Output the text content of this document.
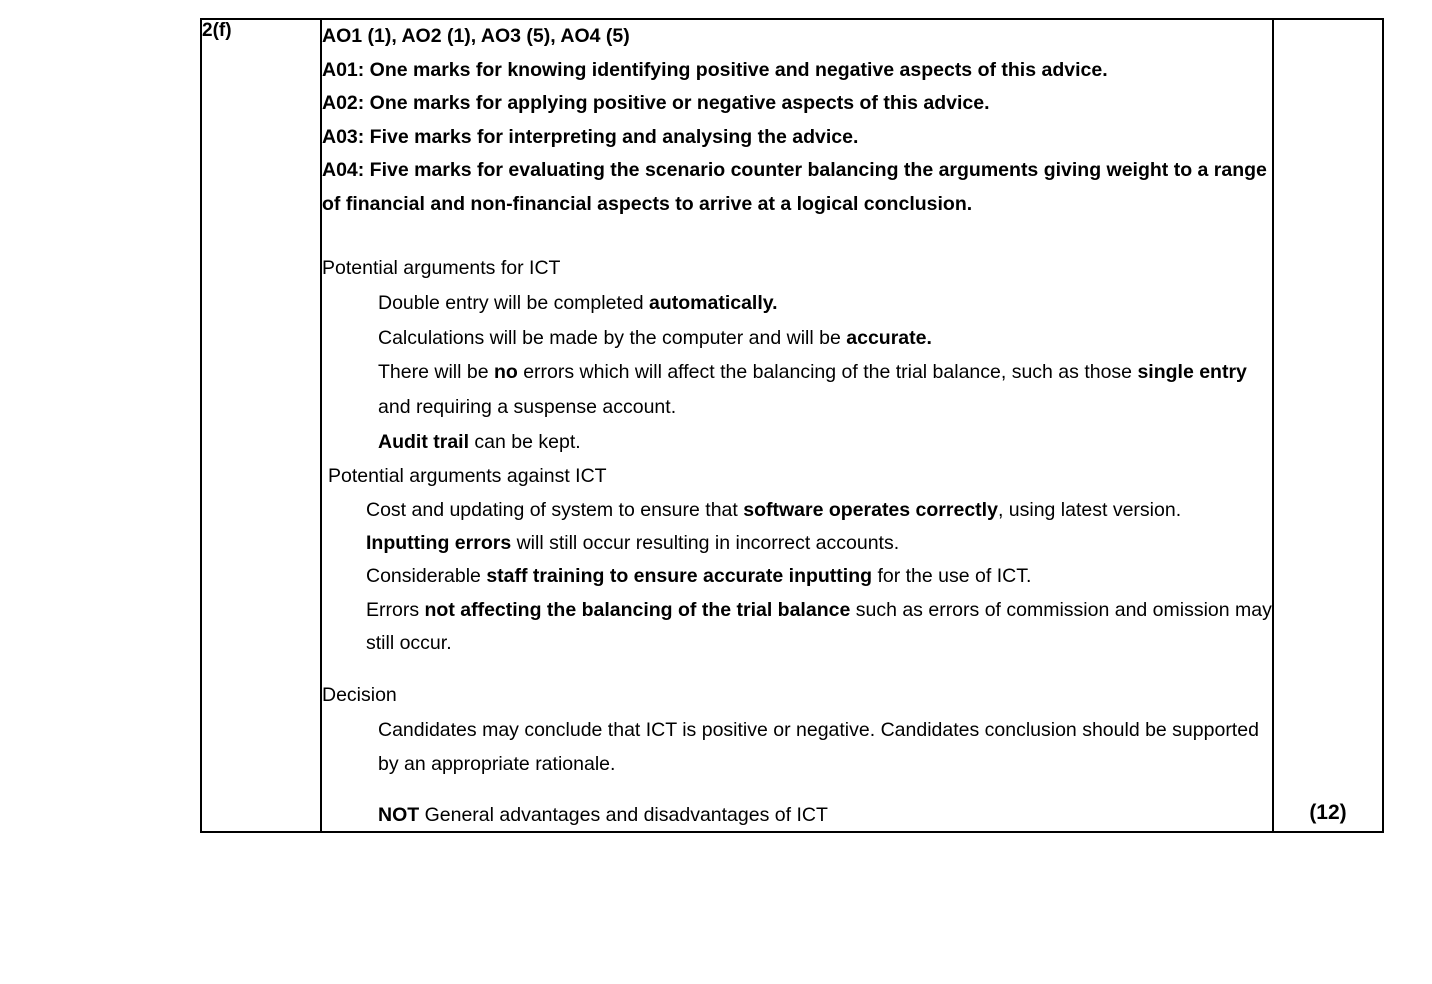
2(f)	AO1 (1), AO2 (1), AO3 (5), AO4 (5)
A01: One marks for knowing identifying positive and negative aspects of this advice.
A02: One marks for applying positive or negative aspects of this advice.
A03: Five marks for interpreting and analysing the advice.
A04: Five marks for evaluating the scenario counter balancing the arguments giving weight to a range of financial and non-financial aspects to arrive at a logical conclusion.
Potential arguments for ICT
Double entry will be completed automatically.
Calculations will be made by the computer and will be accurate.
There will be no errors which will affect the balancing of the trial balance, such as those single entry and requiring a suspense account.
Audit trail can be kept.
Potential arguments against ICT
Cost and updating of system to ensure that software operates correctly, using latest version.
Inputting errors will still occur resulting in incorrect accounts.
Considerable staff training to ensure accurate inputting for the use of ICT.
Errors not affecting the balancing of the trial balance such as errors of commission and omission may still occur.
Decision
Candidates may conclude that ICT is positive or negative. Candidates conclusion should be supported by an appropriate rationale.
NOT General advantages and disadvantages of ICT	(12)
